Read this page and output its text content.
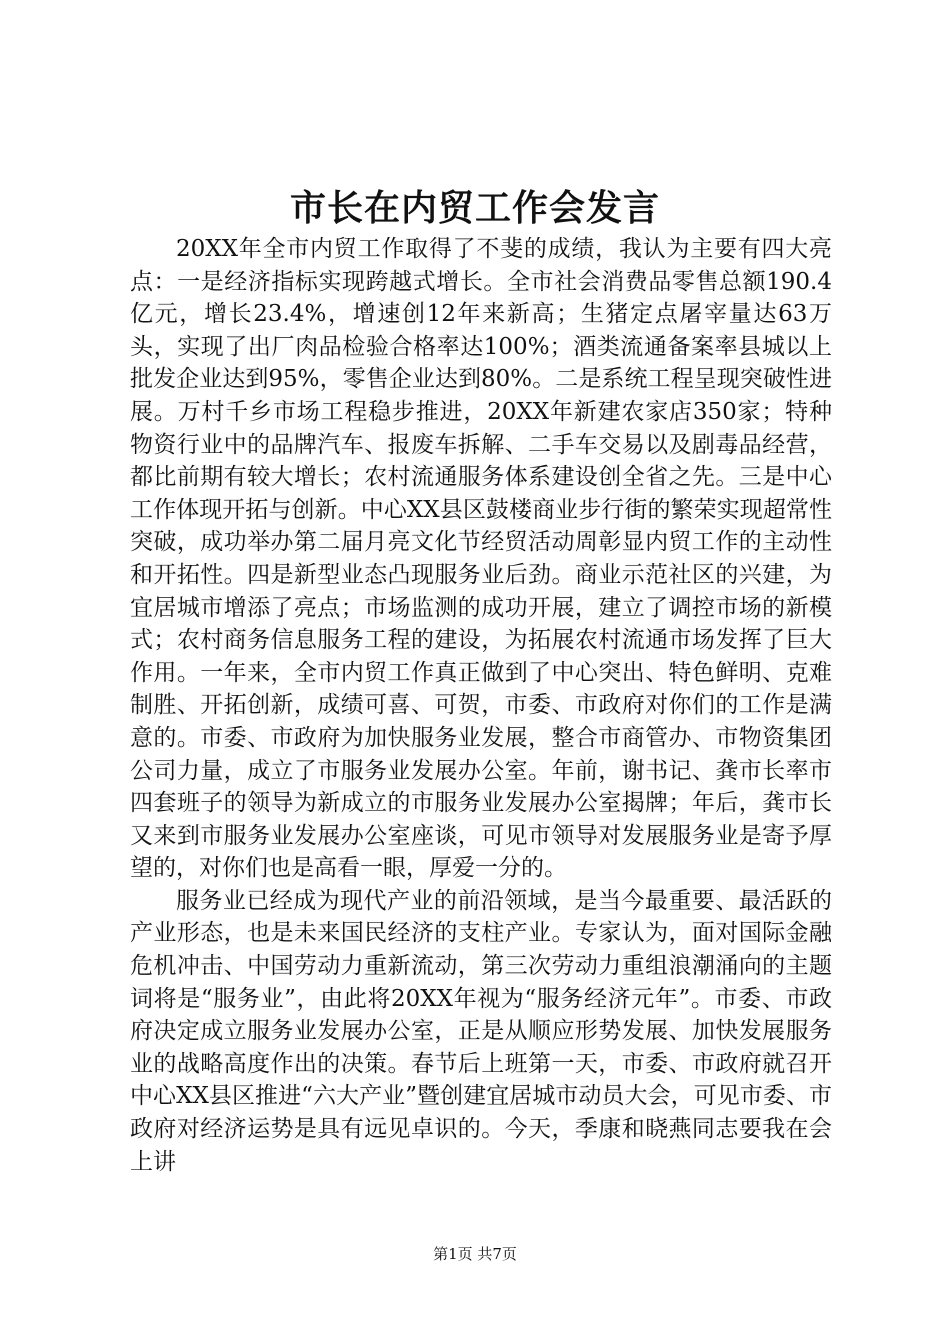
市长在内贸工作会发言

20XX年全市内贸工作取得了不斐的成绩，我认为主要有四大亮点：一是经济指标实现跨越式增长。全市社会消费品零售总额190.4亿元，增长23.4%，增速创12年来新高；生猪定点屠宰量达63万头，实现了出厂肉品检验合格率达100%；酒类流通备案率县城以上批发企业达到95%，零售企业达到80%。二是系统工程呈现突破性进展。万村千乡市场工程稳步推进，20XX年新建农家店350家；特种物资行业中的品牌汽车、报废车拆解、二手车交易以及剧毒品经营，都比前期有较大增长；农村流通服务体系建设创全省之先。三是中心工作体现开拓与创新。中心XX县区鼓楼商业步行街的繁荣实现超常性突破，成功举办第二届月亮文化节经贸活动周彰显内贸工作的主动性和开拓性。四是新型业态凸现服务业后劲。商业示范社区的兴建，为宜居城市增添了亮点；市场监测的成功开展，建立了调控市场的新模式；农村商务信息服务工程的建设，为拓展农村流通市场发挥了巨大作用。一年来，全市内贸工作真正做到了中心突出、特色鲜明、克难制胜、开拓创新，成绩可喜、可贺，市委、市政府对你们的工作是满意的。市委、市政府为加快服务业发展，整合市商管办、市物资集团公司力量，成立了市服务业发展办公室。年前，谢书记、龚市长率市四套班子的领导为新成立的市服务业发展办公室揭牌；年后，龚市长又来到市服务业发展办公室座谈，可见市领导对发展服务业是寄予厚望的，对你们也是高看一眼，厚爱一分的。

服务业已经成为现代产业的前沿领域，是当今最重要、最活跃的产业形态，也是未来国民经济的支柱产业。专家认为，面对国际金融危机冲击、中国劳动力重新流动，第三次劳动力重组浪潮涌向的主题词将是“服务业”，由此将20XX年视为“服务经济元年”。市委、市政府决定成立服务业发展办公室，正是从顺应形势发展、加快发展服务业的战略高度作出的决策。春节后上班第一天，市委、市政府就召开中心XX县区推进“六大产业”暨创建宜居城市动员大会，可见市委、市政府对经济运势是具有远见卓识的。今天，季康和晓燕同志要我在会上讲

第1页 共7页
